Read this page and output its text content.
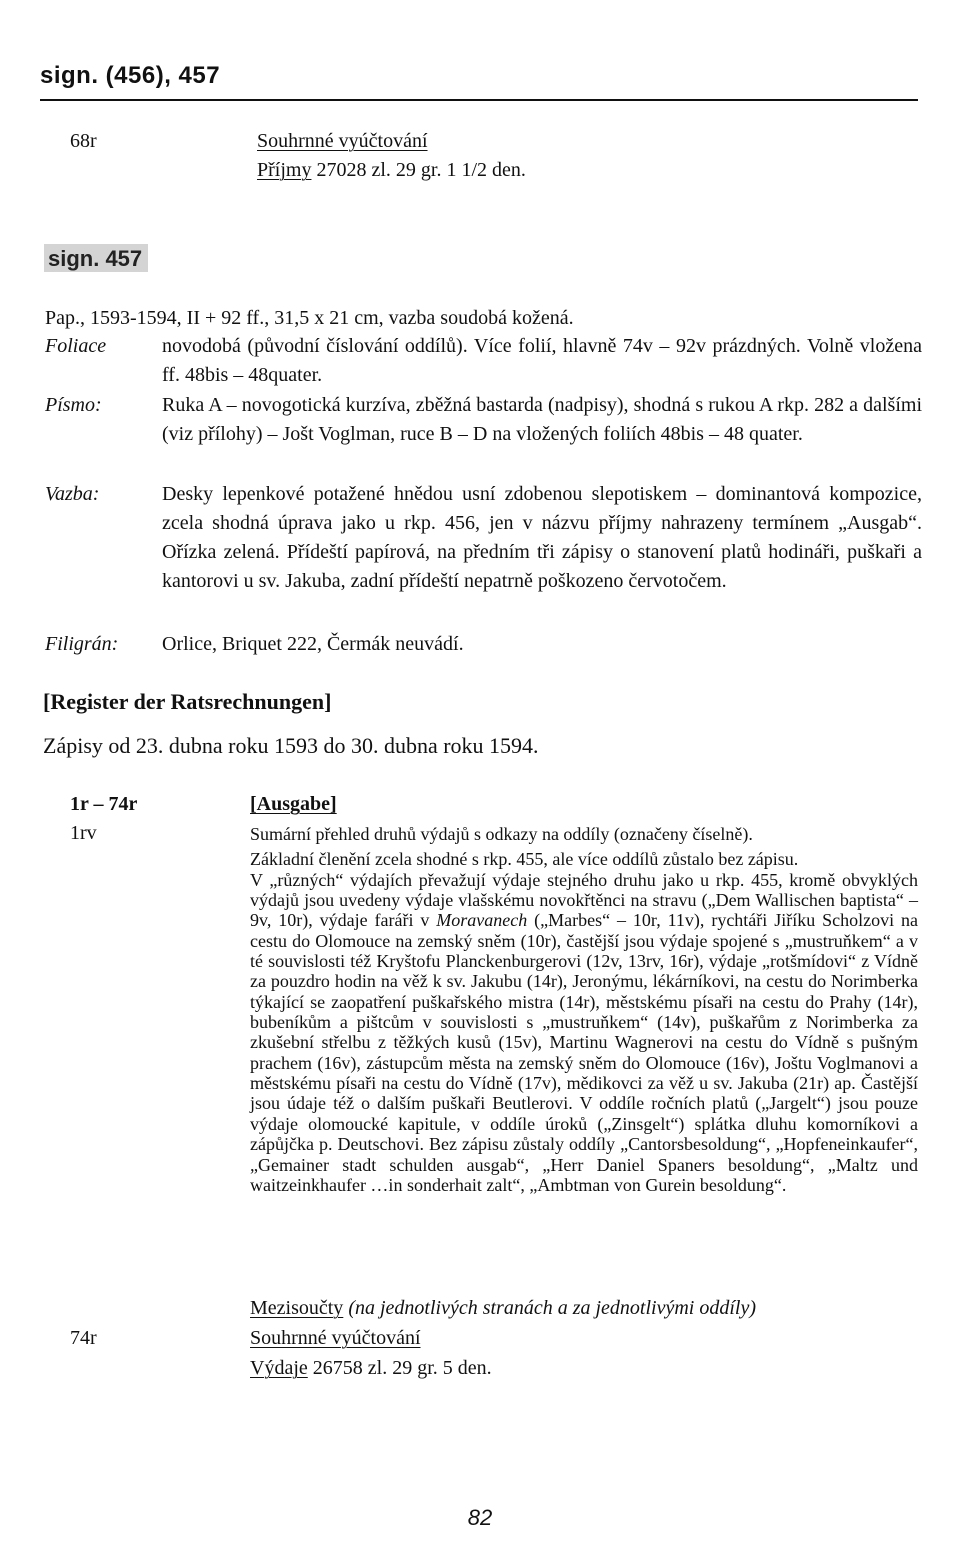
sign. (456), 457
68r	Souhrnné vyúčtování
Příjmy 27028 zl. 29 gr. 1 1/2 den.
sign. 457
Pap., 1593-1594, II + 92 ff., 31,5 x 21 cm, vazba soudobá kožená.
Foliace	novodobá (původní číslování oddílů). Více folií, hlavně 74v – 92v prázdných. Volně vložena ff. 48bis – 48quater.
Písmo:	Ruka A – novogotická kurzíva, zběžná bastarda (nadpisy), shodná s rukou A rkp. 282 a dalšími (viz přílohy) – Jošt Voglman, ruce B – D na vložených foliích 48bis – 48 quater.
Vazba:	Desky lepenkové potažené hnědou usní zdobenou slepotiskem – dominantová kompozice, zcela shodná úprava jako u rkp. 456, jen v názvu příjmy nahrazeny termínem „Ausgab“. Ořízka zelená. Přídeští papírová, na předním tři zápisy o stanovení platů hodináři, puškaři a kantorovi u sv. Jakuba, zadní přídeští nepatrně poškozeno červotočem.
Filigrán: Orlice, Briquet 222, Čermák neuvádí.
[Register der Ratsrechnungen]
Zápisy od 23. dubna roku 1593 do 30. dubna roku 1594.
1r – 74r	[Ausgabe]
1rv	Sumární přehled druhů výdajů s odkazy na oddíly (označeny číselně).

Základní členění zcela shodné s rkp. 455, ale více oddílů zůstalo bez zápisu.

V „různých“ výdajích převažují výdaje stejného druhu jako u rkp. 455, kromě obvyklých výdajů jsou uvedeny výdaje vlašskému novokřtěnci na stravu („Dem Wallischen baptista“ – 9v, 10r), výdaje faráři v Moravanech („Marbes“ – 10r, 11v), rychtáři Jiříku Scholzovi na cestu do Olomouce na zemský sněm (10r), častější jsou výdaje spojené s „mustruňkem“ a v té souvislosti též Kryštofu Planckenburgerovi (12v, 13rv, 16r), výdaje „rotšmídovi“ z Vídně za pouzdro hodin na věž k sv. Jakubu (14r), Jeronýmu, lékárníkovi, na cestu do Norimberka týkající se zaopatření puškařského mistra (14r), městskému písaři na cestu do Prahy (14r), bubeníkům a pištcům v souvislosti s „mustruňkem“ (14v), puškařům z Norimberka za zkušební střelbu z těžkých kusů (15v), Martinu Wagnerovi na cestu do Vídně s pušným prachem (16v), zástupcům města na zemský sněm do Olomouce (16v), Joštu Voglmanovi a městskému písaři na cestu do Vídně (17v), mědikovci za věž u sv. Jakuba (21r) ap. Častější jsou údaje též o dalším puškaři Beutlerovi. V oddíle ročních platů („Jargelt“) jsou pouze výdaje olomoucké kapitule, v oddíle úroků („Zinsgelt“) splátka dluhu komorníkovi a zápůjčka p. Deutschovi. Bez zápisu zůstaly oddíly „Cantorsbesoldung“, „Hopfeneinkaufer“, „Gemainer stadt schulden ausgab“, „Herr Daniel Spaners besoldung“, „Maltz und waitzeinkhaufer …in sonderhait zalt“, „Ambtman von Gurein besoldung“.

Mezisoučty (na jednotlivých stranách a za jednotlivými oddíly)
74r	Souhrnné vyúčtování
Výdaje 26758 zl. 29 gr. 5 den.
82
